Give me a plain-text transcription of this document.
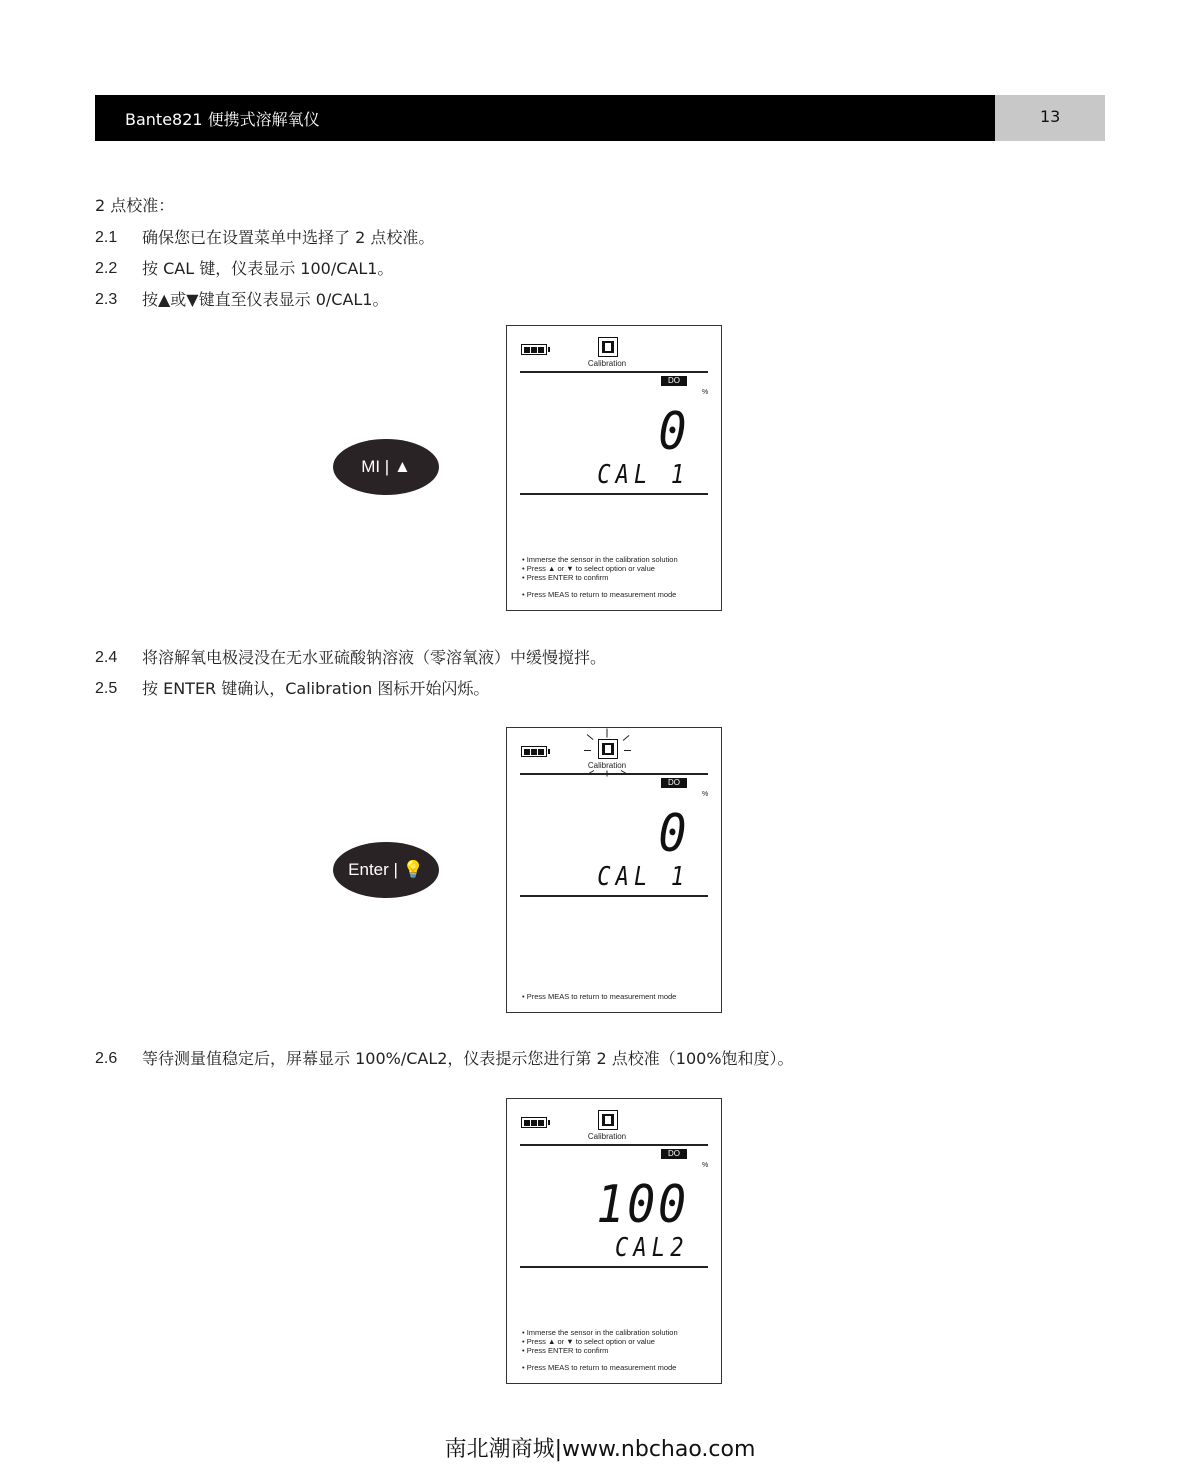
Bante821 便携式溶解氧仪	13
2 点校准：
2.1 确保您已在设置菜单中选择了 2 点校准。
2.2 按 CAL 键，仪表显示 100/CAL1。
2.3 按▲或▼键直至仪表显示 0/CAL1。
MI | ▲
Calibration
DO
%
0
CAL 1
• Immerse the sensor in the calibration solution
• Press ▲ or ▼ to select option or value
• Press ENTER to confirm
• Press MEAS to return to measurement mode
2.4 将溶解氧电极浸没在无水亚硫酸钠溶液（零溶氧液）中缓慢搅拌。
2.5 按 ENTER 键确认，Calibration 图标开始闪烁。
Enter | 💡
Calibration
DO
%
0
CAL 1
• Press MEAS to return to measurement mode
2.6 等待测量值稳定后，屏幕显示 100%/CAL2，仪表提示您进行第 2 点校准（100%饱和度）。
Calibration
DO
%
100
CAL2
• Immerse the sensor in the calibration solution
• Press ▲ or ▼ to select option or value
• Press ENTER to confirm
• Press MEAS to return to measurement mode
南北潮商城|www.nbchao.com
